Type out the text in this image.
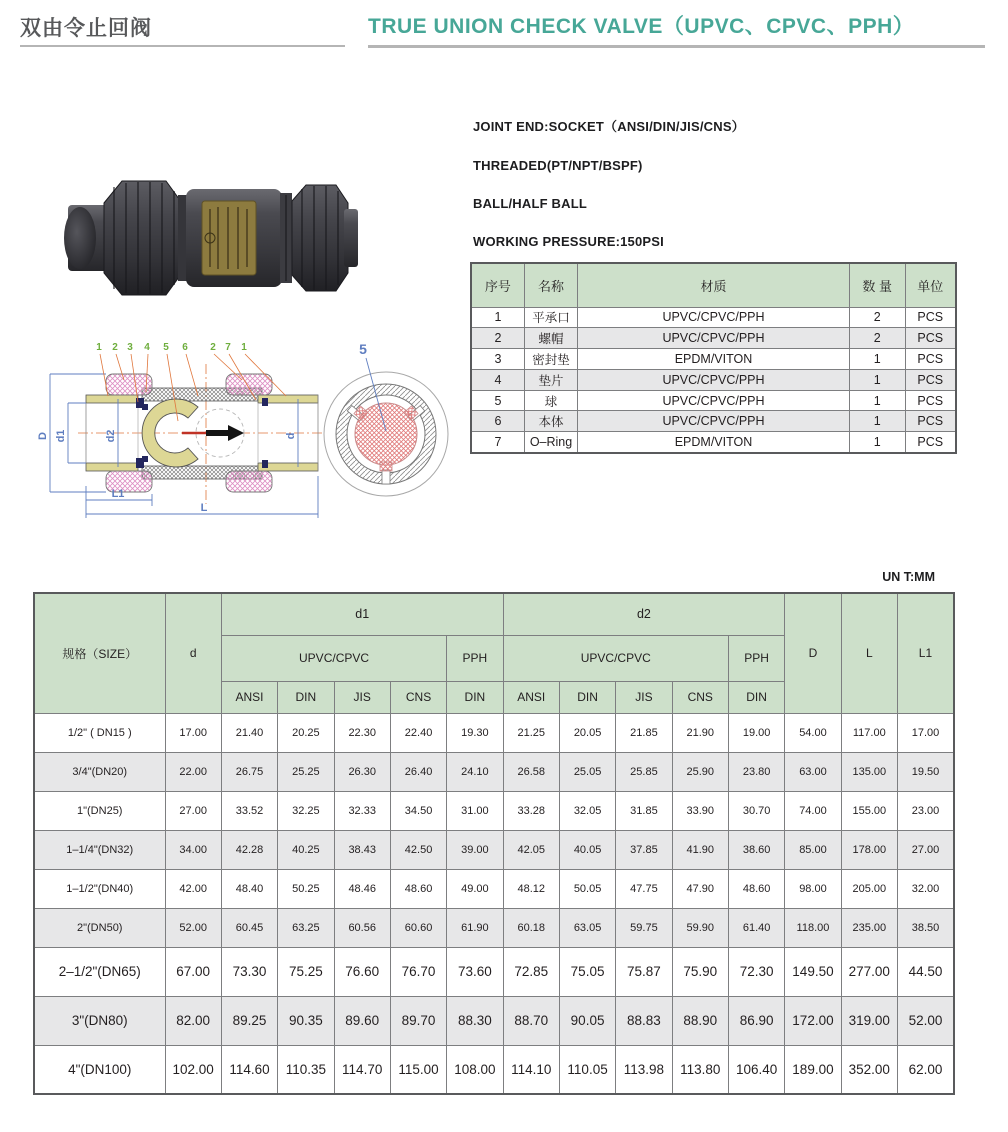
双由令止回阀	TRUE UNION CHECK VALVE（UPVC、CPVC、PPH）
JOINT END:SOCKET（ANSI/DIN/JIS/CNS）
THREADED(PT/NPT/BSPF)
BALL/HALF BALL
WORKING PRESSURE:150PSI
序号	名称	材质	数 量	单位
1	平承口	UPVC/CPVC/PPH	2	PCS
2	螺帽	UPVC/CPVC/PPH	2	PCS
3	密封垫	EPDM/VITON	1	PCS
4	垫片	UPVC/CPVC/PPH	1	PCS
5	球	UPVC/CPVC/PPH	1	PCS
6	本体	UPVC/CPVC/PPH	1	PCS
7	O–Ring	EPDM/VITON	1	PCS
D d1	d2	d
L1
L
1 2 3 4 5 6 2 7 1	5
UN T:MM
规格（SIZE）	d	d1					d2					D	L	L1
		UPVC/CPVC				PPH	UPVC/CPVC				PPH			
		ANSI	DIN	JIS	CNS	DIN	ANSI	DIN	JIS	CNS	DIN			
1/2" ( DN15 )	17.00	21.40	20.25	22.30	22.40	19.30	21.25	20.05	21.85	21.90	19.00	54.00	117.00	17.00
3/4"(DN20)	22.00	26.75	25.25	26.30	26.40	24.10	26.58	25.05	25.85	25.90	23.80	63.00	135.00	19.50
1"(DN25)	27.00	33.52	32.25	32.33	34.50	31.00	33.28	32.05	31.85	33.90	30.70	74.00	155.00	23.00
1–1/4"(DN32)	34.00	42.28	40.25	38.43	42.50	39.00	42.05	40.05	37.85	41.90	38.60	85.00	178.00	27.00
1–1/2"(DN40)	42.00	48.40	50.25	48.46	48.60	49.00	48.12	50.05	47.75	47.90	48.60	98.00	205.00	32.00
2"(DN50)	52.00	60.45	63.25	60.56	60.60	61.90	60.18	63.05	59.75	59.90	61.40	118.00	235.00	38.50
2–1/2"(DN65)	67.00	73.30	75.25	76.60	76.70	73.60	72.85	75.05	75.87	75.90	72.30	149.50	277.00	44.50
3"(DN80)	82.00	89.25	90.35	89.60	89.70	88.30	88.70	90.05	88.83	88.90	86.90	172.00	319.00	52.00
4"(DN100)	102.00	114.60	110.35	114.70	115.00	108.00	114.10	110.05	113.98	113.80	106.40	189.00	352.00	62.00
